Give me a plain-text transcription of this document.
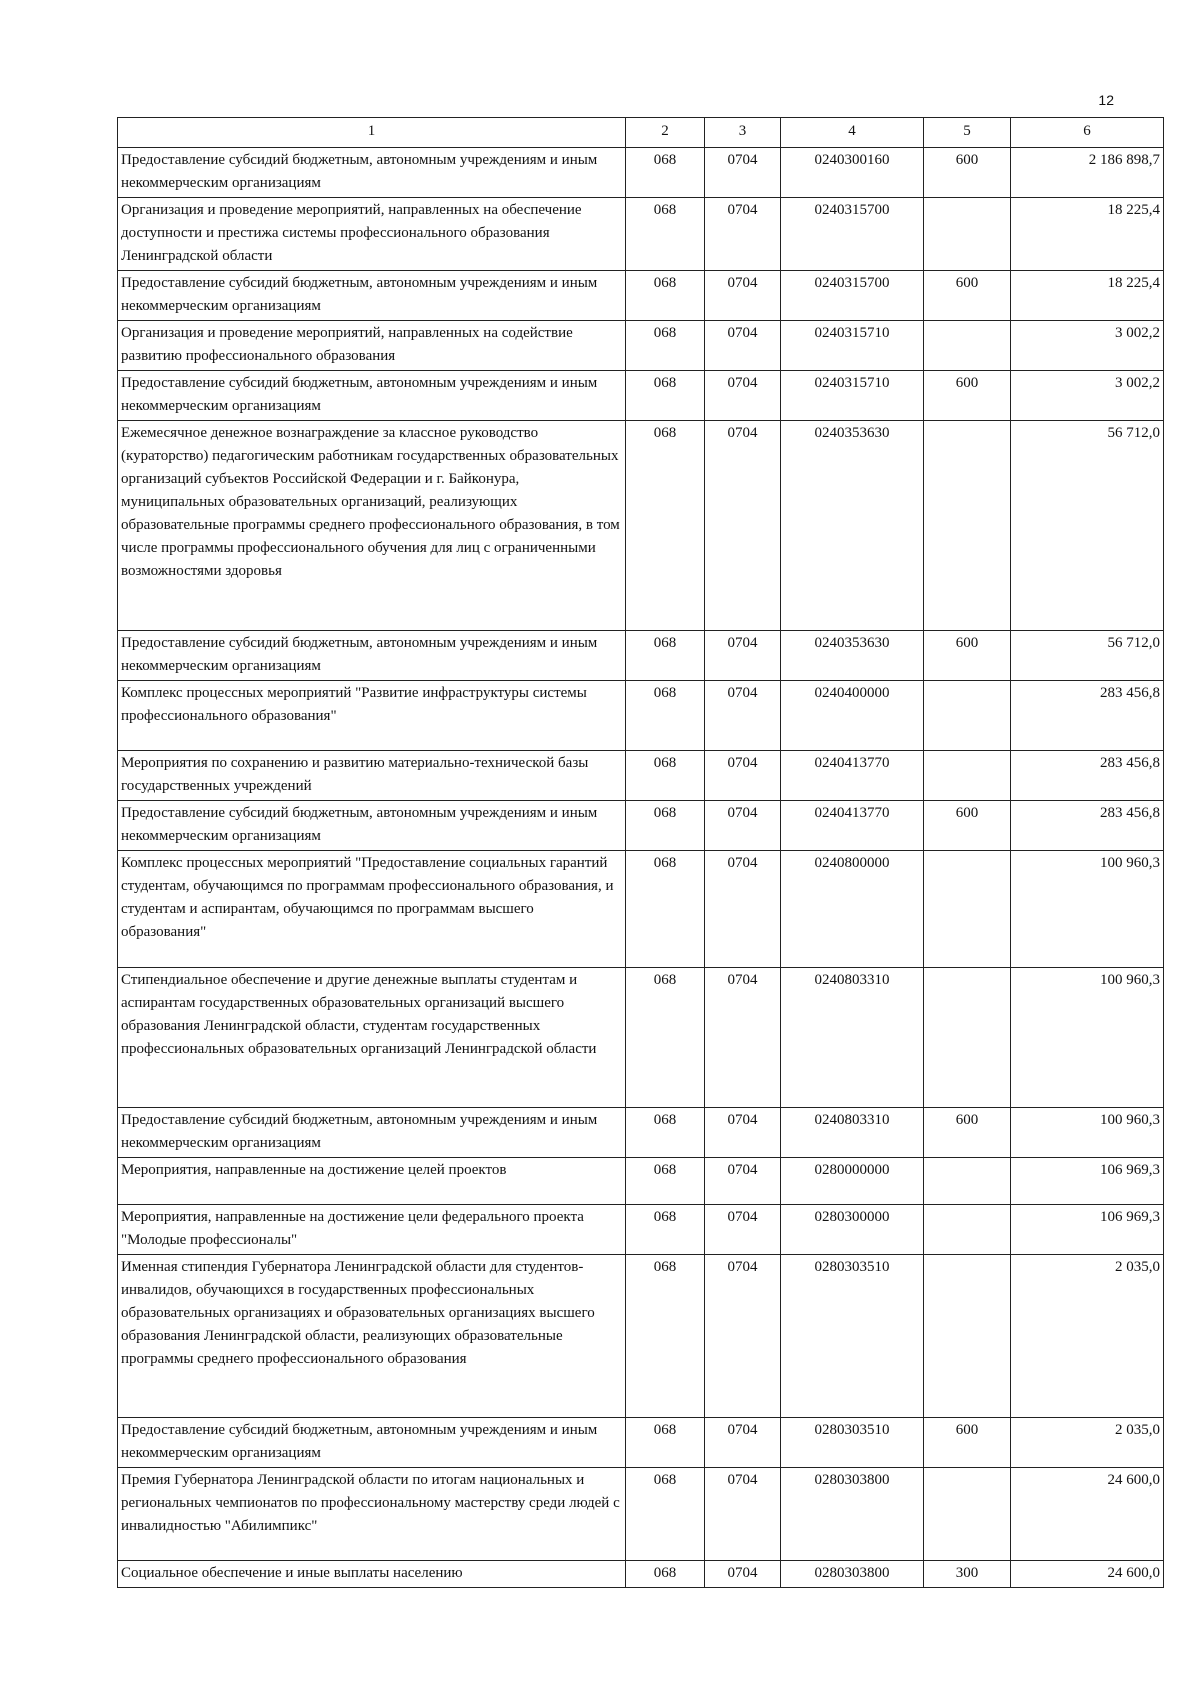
12
1	2	3	4	5	6
Предоставление субсидий бюджетным, автономным учреждениям и иным некоммерческим организациям	068	0704	0240300160	600	2 186 898,7
Организация и проведение мероприятий, направленных на обеспечение доступности и престижа системы профессионального образования Ленинградской области	068	0704	0240315700		18 225,4
Предоставление субсидий бюджетным, автономным учреждениям и иным некоммерческим организациям	068	0704	0240315700	600	18 225,4
Организация и проведение мероприятий, направленных на содействие развитию профессионального образования	068	0704	0240315710		3 002,2
Предоставление субсидий бюджетным, автономным учреждениям и иным некоммерческим организациям	068	0704	0240315710	600	3 002,2
Ежемесячное денежное вознаграждение за классное руководство (кураторство) педагогическим работникам государственных образовательных организаций субъектов Российской Федерации и г. Байконура, муниципальных образовательных организаций, реализующих образовательные программы среднего профессионального образования, в том числе программы профессионального обучения для лиц с ограниченными возможностями здоровья	068	0704	0240353630		56 712,0
Предоставление субсидий бюджетным, автономным учреждениям и иным некоммерческим организациям	068	0704	0240353630	600	56 712,0
Комплекс процессных мероприятий "Развитие инфраструктуры системы профессионального образования"	068	0704	0240400000		283 456,8
Мероприятия по сохранению и развитию материально-технической базы государственных учреждений	068	0704	0240413770		283 456,8
Предоставление субсидий бюджетным, автономным учреждениям и иным некоммерческим организациям	068	0704	0240413770	600	283 456,8
Комплекс процессных мероприятий "Предоставление социальных гарантий студентам, обучающимся по программам профессионального образования, и студентам и аспирантам, обучающимся по программам высшего образования"	068	0704	0240800000		100 960,3
Стипендиальное обеспечение и другие денежные выплаты студентам и аспирантам государственных образовательных организаций высшего образования Ленинградской области, студентам государственных профессиональных образовательных организаций Ленинградской области	068	0704	0240803310		100 960,3
Предоставление субсидий бюджетным, автономным учреждениям и иным некоммерческим организациям	068	0704	0240803310	600	100 960,3
Мероприятия, направленные на достижение целей проектов	068	0704	0280000000		106 969,3
Мероприятия, направленные на достижение цели федерального проекта "Молодые профессионалы"	068	0704	0280300000		106 969,3
Именная стипендия Губернатора Ленинградской области для студентов-инвалидов, обучающихся в государственных профессиональных образовательных организациях и образовательных организациях высшего образования Ленинградской области, реализующих образовательные программы среднего профессионального образования	068	0704	0280303510		2 035,0
Предоставление субсидий бюджетным, автономным учреждениям и иным некоммерческим организациям	068	0704	0280303510	600	2 035,0
Премия Губернатора Ленинградской области по итогам национальных и региональных чемпионатов по профессиональному мастерству среди людей с инвалидностью "Абилимпикс"	068	0704	0280303800		24 600,0
Социальное обеспечение и иные выплаты населению	068	0704	0280303800	300	24 600,0
